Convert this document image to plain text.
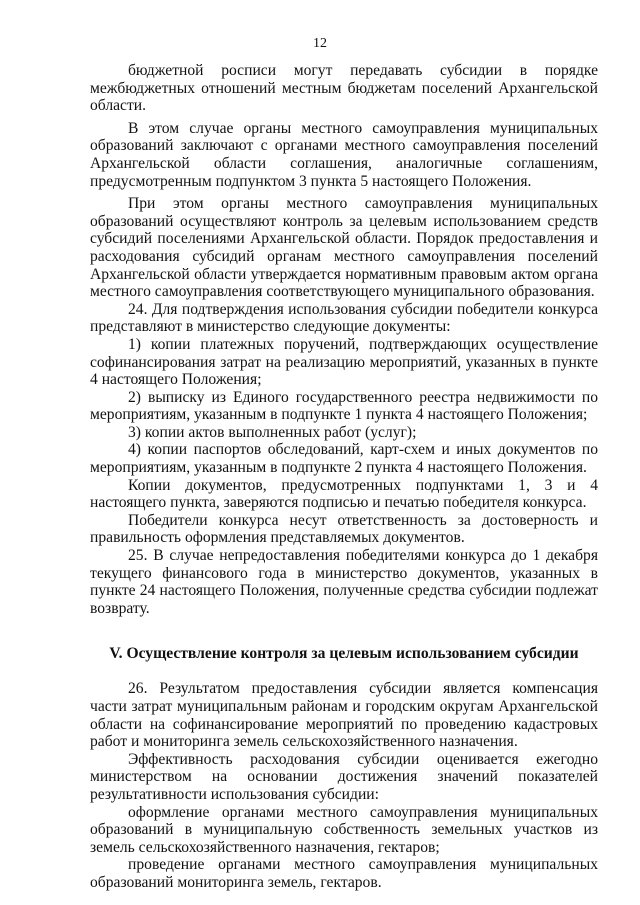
12

бюджетной росписи могут передавать субсидии в порядке межбюджетных отношений местным бюджетам поселений Архангельской области.

В этом случае органы местного самоуправления муниципальных образований заключают с органами местного самоуправления поселений Архангельской области соглашения, аналогичные соглашениям, предусмотренным подпунктом 3 пункта 5 настоящего Положения.

При этом органы местного самоуправления муниципальных образований осуществляют контроль за целевым использованием средств субсидий поселениями Архангельской области. Порядок предоставления и расходования субсидий органам местного самоуправления поселений Архангельской области утверждается нормативным правовым актом органа местного самоуправления соответствующего муниципального образования.

24. Для подтверждения использования субсидии победители конкурса представляют в министерство следующие документы:

1) копии платежных поручений, подтверждающих осуществление софинансирования затрат на реализацию мероприятий, указанных в пункте 4 настоящего Положения;

2) выписку из Единого государственного реестра недвижимости по мероприятиям, указанным в подпункте 1 пункта 4 настоящего Положения;

3) копии актов выполненных работ (услуг);

4) копии паспортов обследований, карт-схем и иных документов по мероприятиям, указанным в подпункте 2 пункта 4 настоящего Положения.

Копии документов, предусмотренных подпунктами 1, 3 и 4 настоящего пункта, заверяются подписью и печатью победителя конкурса.

Победители конкурса несут ответственность за достоверность и правильность оформления представляемых документов.

25. В случае непредоставления победителями конкурса до 1 декабря текущего финансового года в министерство документов, указанных в пункте 24 настоящего Положения, полученные средства субсидии подлежат возврату.

V. Осуществление контроля за целевым использованием субсидии

26. Результатом предоставления субсидии является компенсация части затрат муниципальным районам и городским округам Архангельской области на софинансирование мероприятий по проведению кадастровых работ и мониторинга земель сельскохозяйственного назначения.

Эффективность расходования субсидии оценивается ежегодно министерством на основании достижения значений показателей результативности использования субсидии:

оформление органами местного самоуправления муниципальных образований в муниципальную собственность земельных участков из земель сельскохозяйственного назначения, гектаров;

проведение органами местного самоуправления муниципальных образований мониторинга земель, гектаров.
